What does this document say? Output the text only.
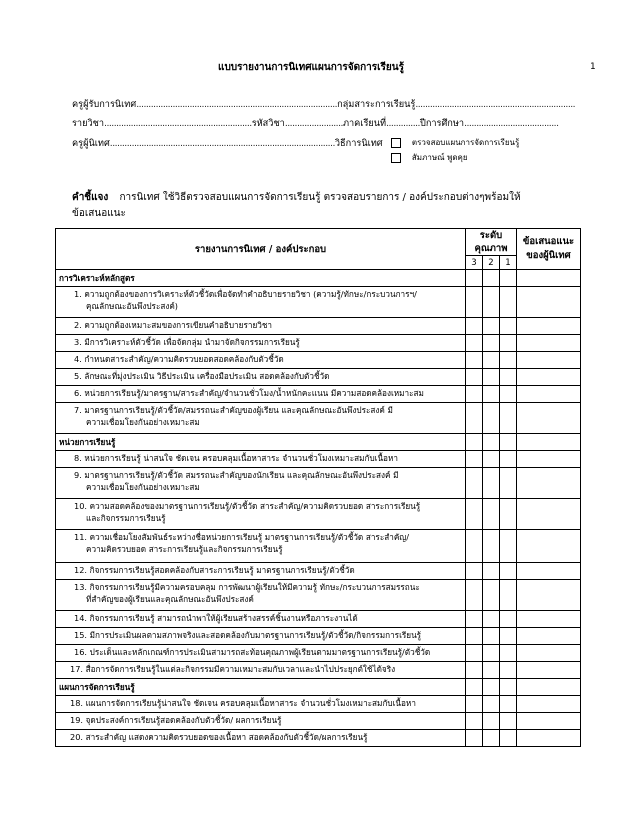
แบบรายงานการนิเทศแผนการจัดการเรียนรู้	1
ครูผู้รับการนิเทศ...................................................................................กลุ่มสาระการเรียนรู้..................................................................
รายวิชา.............................................................รหัสวิชา........................ภาคเรียนที่..............ปีการศึกษา.......................................
ครูผู้นิเทศ.............................................................................................วิธีการนิเทศ	ตรวจสอบแผนการจัดการเรียนรู้
สัมภาษณ์ พูดคุย
คำชี้แจง การนิเทศ ใช้วิธีตรวจสอบแผนการจัดการเรียนรู้ ตรวจสอบรายการ / องค์ประกอบต่างๆพร้อมให้
ข้อเสนอแนะ
รายงานการนิเทศ / องค์ประกอบ	ระดับ
คุณภาพ			ข้อเสนอแนะ
ของผู้นิเทศ
	3	2	1	
การวิเคราะห์หลักสูตร				
1. ความถูกต้องของการวิเคราะห์ตัวชี้วัดเพื่อจัดทำคำอธิบายรายวิชา (ความรู้/ทักษะ/กระบวนการฯ/
คุณลักษณะอันพึงประสงค์)				

2. ความถูกต้องเหมาะสมของการเขียนคำอธิบายรายวิชา				
3. มีการวิเคราะห์ตัวชี้วัด เพื่อจัดกลุ่ม นำมาจัดกิจกรรมการเรียนรู้				
4. กำหนดสาระสำคัญ/ความคิดรวบยอดสอดคล้องกับตัวชี้วัด				
5. ลักษณะที่มุ่งประเมิน วิธีประเมิน เครื่องมือประเมิน สอดคล้องกับตัวชี้วัด				
6. หน่วยการเรียนรู้/มาตรฐาน/สาระสำคัญ/จำนวนชั่วโมง/น้ำหนักคะแนน มีความสอดคล้องเหมาะสม				
7. มาตรฐานการเรียนรู้/ตัวชี้วัด/สมรรถนะสำคัญของผู้เรียน และคุณลักษณะอันพึงประสงค์ มี
ความเชื่อมโยงกันอย่างเหมาะสม				

หน่วยการเรียนรู้				
8. หน่วยการเรียนรู้ น่าสนใจ ชัดเจน ครอบคลุมเนื้อหาสาระ จำนวนชั่วโมงเหมาะสมกับเนื้อหา				
9. มาตรฐานการเรียนรู้/ตัวชี้วัด สมรรถนะสำคัญของนักเรียน และคุณลักษณะอันพึงประสงค์ มี
ความเชื่อมโยงกันอย่างเหมาะสม				

10. ความสอดคล้องของมาตรฐานการเรียนรู้/ตัวชี้วัด สาระสำคัญ/ความคิดรวบยอด สาระการเรียนรู้
และกิจกรรมการเรียนรู้				

11. ความเชื่อมโยงสัมพันธ์ระหว่างชื่อหน่วยการเรียนรู้ มาตรฐานการเรียนรู้/ตัวชี้วัด สาระสำคัญ/
ความคิดรวบยอด สาระการเรียนรู้และกิจกรรมการเรียนรู้				

12. กิจกรรมการเรียนรู้สอดคล้องกับสาระการเรียนรู้ มาตรฐานการเรียนรู้/ตัวชี้วัด				
13. กิจกรรมการเรียนรู้มีความครอบคลุม การพัฒนาผู้เรียนให้มีความรู้ ทักษะ/กระบวนการสมรรถนะ
ที่สำคัญของผู้เรียนและคุณลักษณะอันพึงประสงค์				

14. กิจกรรมการเรียนรู้ สามารถนำพาให้ผู้เรียนสร้างสรรค์ชิ้นงานหรือภาระงานได้				
15. มีการประเมินผลตามสภาพจริงและสอดคล้องกับมาตรฐานการเรียนรู้/ตัวชี้วัด/กิจกรรมการเรียนรู้				
16. ประเด็นและหลักเกณฑ์การประเมินสามารถสะท้อนคุณภาพผู้เรียนตามมาตรฐานการเรียนรู้/ตัวชี้วัด				
17. สื่อการจัดการเรียนรู้ในแต่ละกิจกรรมมีความเหมาะสมกับเวลาและนำไปประยุกต์ใช้ได้จริง				
แผนการจัดการเรียนรู้				
18. แผนการจัดการเรียนรู้น่าสนใจ ชัดเจน ครอบคลุมเนื้อหาสาระ จำนวนชั่วโมงเหมาะสมกับเนื้อหา				
19. จุดประสงค์การเรียนรู้สอดคล้องกับตัวชี้วัด/ ผลการเรียนรู้				
20. สาระสำคัญ แสดงความคิดรวบยอดของเนื้อหา สอดคล้องกับตัวชี้วัด/ผลการเรียนรู้				
